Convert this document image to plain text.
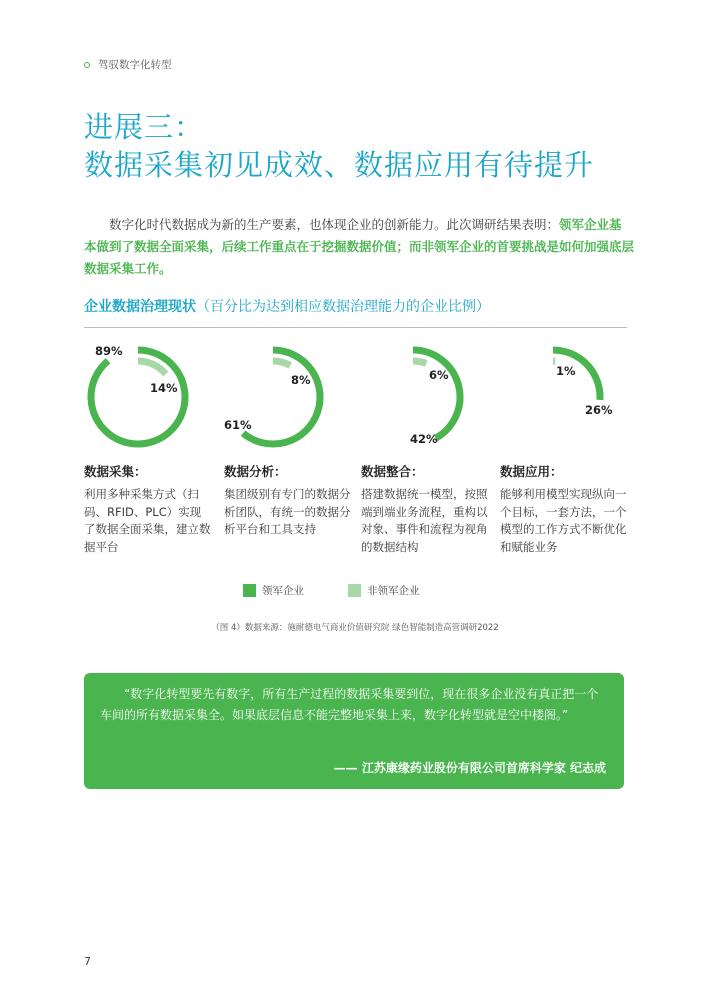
驾驭数字化转型
进展三：
数据采集初见成效、数据应用有待提升
数字化时代数据成为新的生产要素，也体现企业的创新能力。此次调研结果表明：领军企业基本做到了数据全面采集，后续工作重点在于挖掘数据价值；而非领军企业的首要挑战是如何加强底层数据采集工作。
企业数据治理现状（百分比为达到相应数据治理能力的企业比例）
89%
14%
数据采集：
利用多种采集方式（扫码、RFID、PLC）实现了数据全面采集，建立数据平台
61%
8%
数据分析：
集团级别有专门的数据分析团队，有统一的数据分析平台和工具支持
42%
6%
数据整合：
搭建数据统一模型，按照端到端业务流程，重构以对象、事件和流程为视角的数据结构
26%
1%
数据应用：
能够利用模型实现纵向一个目标，一套方法，一个模型的工作方式不断优化和赋能业务
领军企业	非领军企业
（图 4）数据来源：施耐德电气商业价值研究院 绿色智能制造高管调研2022
“数字化转型要先有数字，所有生产过程的数据采集要到位，现在很多企业没有真正把一个车间的所有数据采集全。如果底层信息不能完整地采集上来，数字化转型就是空中楼阁。”
—— 江苏康缘药业股份有限公司首席科学家 纪志成
7
